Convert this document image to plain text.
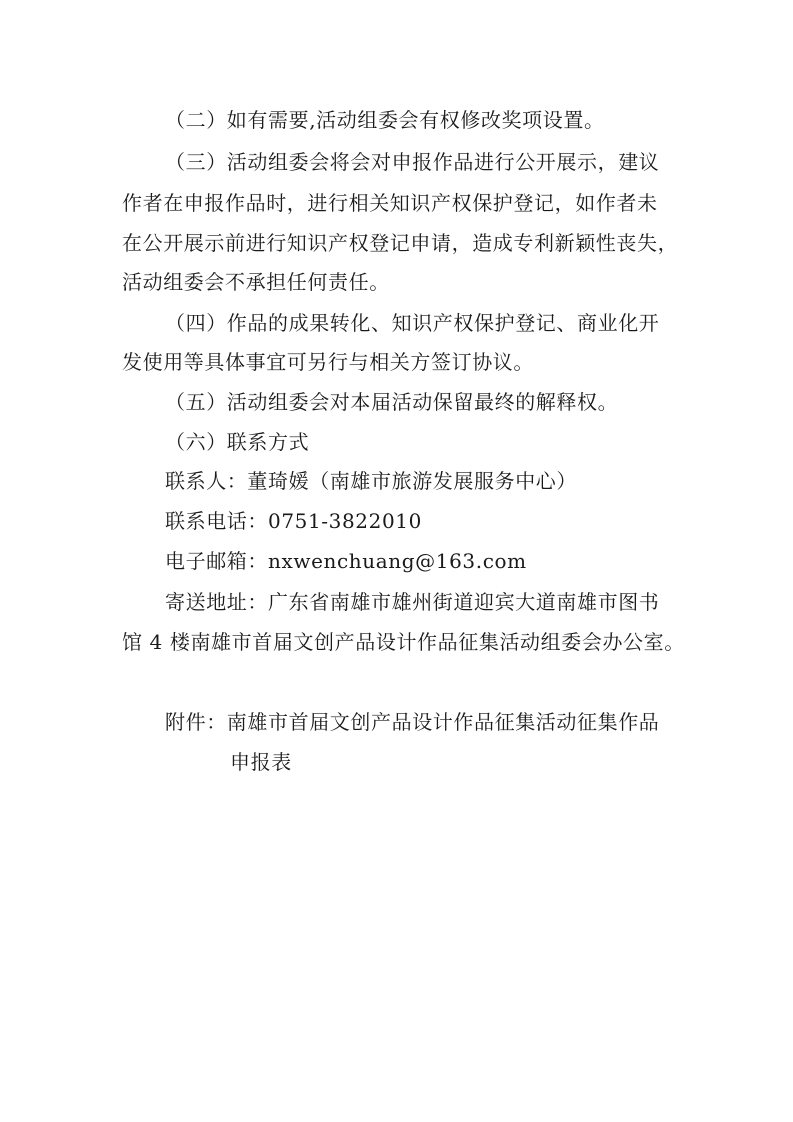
（二）如有需要,活动组委会有权修改奖项设置。
（三）活动组委会将会对申报作品进行公开展示，建议
作者在申报作品时，进行相关知识产权保护登记，如作者未
在公开展示前进行知识产权登记申请，造成专利新颖性丧失，
活动组委会不承担任何责任。
（四）作品的成果转化、知识产权保护登记、商业化开
发使用等具体事宜可另行与相关方签订协议。
（五）活动组委会对本届活动保留最终的解释权。
（六）联系方式
联系人：董琦媛（南雄市旅游发展服务中心）
联系电话：0751-3822010
电子邮箱：nxwenchuang@163.com
寄送地址：广东省南雄市雄州街道迎宾大道南雄市图书
馆 4 楼南雄市首届文创产品设计作品征集活动组委会办公室。
附件：南雄市首届文创产品设计作品征集活动征集作品
申报表
